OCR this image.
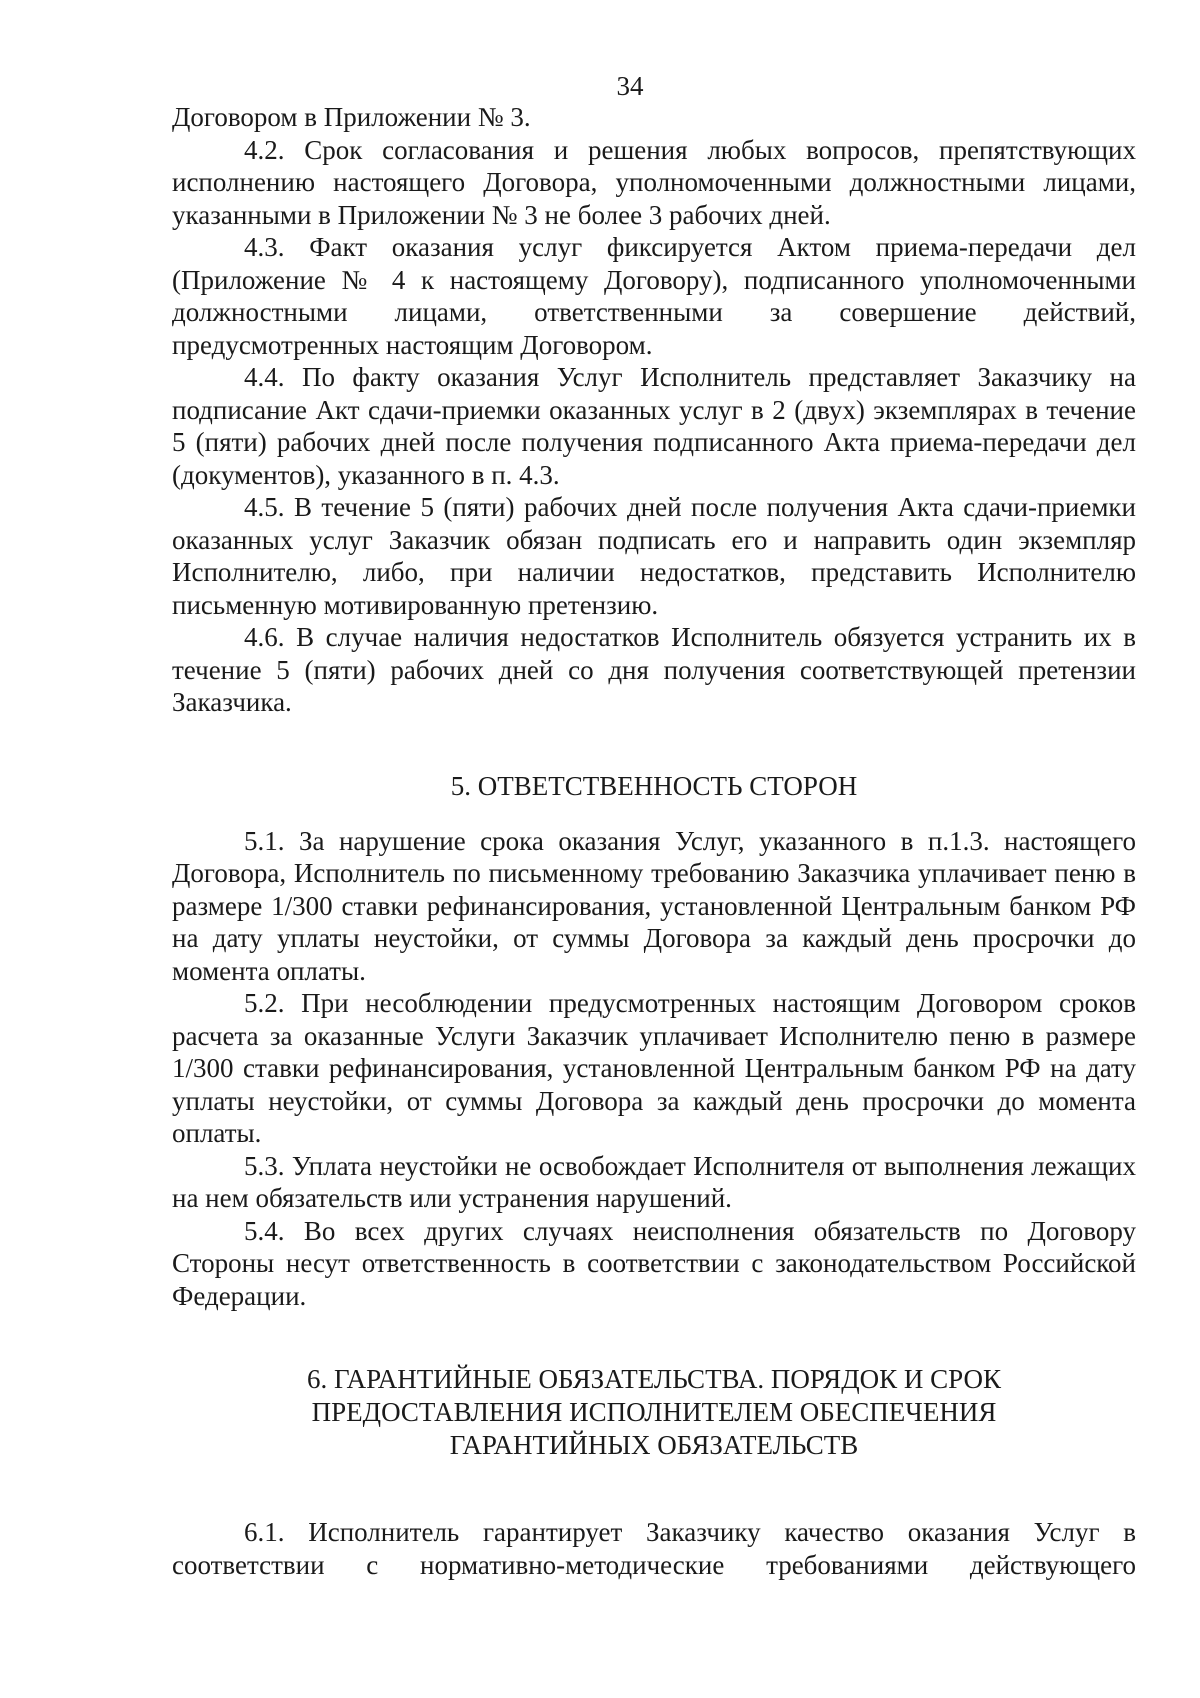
34

Договором в Приложении № 3.

4.2. Срок согласования и решения любых вопросов, препятствующих исполнению настоящего Договора, уполномоченными должностными лицами, указанными в Приложении № 3 не более 3 рабочих дней.

4.3. Факт оказания услуг фиксируется Актом приема-передачи дел (Приложение № 4 к настоящему Договору), подписанного уполномоченными должностными лицами, ответственными за совершение действий, предусмотренных настоящим Договором.

4.4. По факту оказания Услуг Исполнитель представляет Заказчику на подписание Акт сдачи-приемки оказанных услуг в 2 (двух) экземплярах в течение 5 (пяти) рабочих дней после получения подписанного Акта приема-передачи дел (документов), указанного в п. 4.3.

4.5. В течение 5 (пяти) рабочих дней после получения Акта сдачи-приемки оказанных услуг Заказчик обязан подписать его и направить один экземпляр Исполнителю, либо, при наличии недостатков, представить Исполнителю письменную мотивированную претензию.

4.6. В случае наличия недостатков Исполнитель обязуется устранить их в течение 5 (пяти) рабочих дней со дня получения соответствующей претензии Заказчика.

5. ОТВЕТСТВЕННОСТЬ СТОРОН

5.1. За нарушение срока оказания Услуг, указанного в п.1.3. настоящего Договора, Исполнитель по письменному требованию Заказчика уплачивает пеню в размере 1/300 ставки рефинансирования, установленной Центральным банком РФ на дату уплаты неустойки, от суммы Договора за каждый день просрочки до момента оплаты.

5.2. При несоблюдении предусмотренных настоящим Договором сроков расчета за оказанные Услуги Заказчик уплачивает Исполнителю пеню в размере 1/300 ставки рефинансирования, установленной Центральным банком РФ на дату уплаты неустойки, от суммы Договора за каждый день просрочки до момента оплаты.

5.3. Уплата неустойки не освобождает Исполнителя от выполнения лежащих на нем обязательств или устранения нарушений.

5.4. Во всех других случаях неисполнения обязательств по Договору Стороны несут ответственность в соответствии с законодательством Российской Федерации.

6. ГАРАНТИЙНЫЕ ОБЯЗАТЕЛЬСТВА. ПОРЯДОК И СРОК
ПРЕДОСТАВЛЕНИЯ ИСПОЛНИТЕЛЕМ ОБЕСПЕЧЕНИЯ
ГАРАНТИЙНЫХ ОБЯЗАТЕЛЬСТВ

6.1. Исполнитель гарантирует Заказчику качество оказания Услуг в соответствии с нормативно-методические требованиями действующего
